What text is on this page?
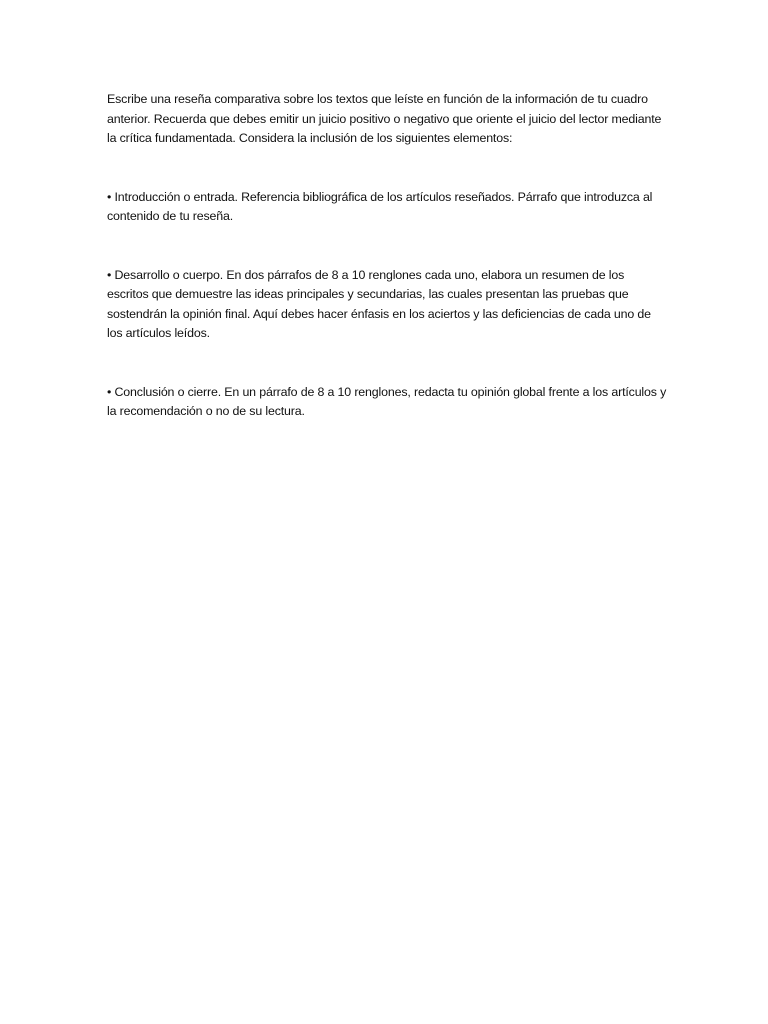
Escribe una reseña comparativa sobre los textos que leíste en función de la información de tu cuadro anterior. Recuerda que debes emitir un juicio positivo o negativo que oriente el juicio del lector mediante la crítica fundamentada. Considera la inclusión de los siguientes elementos:

• Introducción o entrada. Referencia bibliográfica de los artículos reseñados. Párrafo que introduzca al contenido de tu reseña.

• Desarrollo o cuerpo. En dos párrafos de 8 a 10 renglones cada uno, elabora un resumen de los escritos que demuestre las ideas principales y secundarias, las cuales presentan las pruebas que sostendrán la opinión final. Aquí debes hacer énfasis en los aciertos y las deficiencias de cada uno de los artículos leídos.

• Conclusión o cierre. En un párrafo de 8 a 10 renglones, redacta tu opinión global frente a los artículos y la recomendación o no de su lectura.
